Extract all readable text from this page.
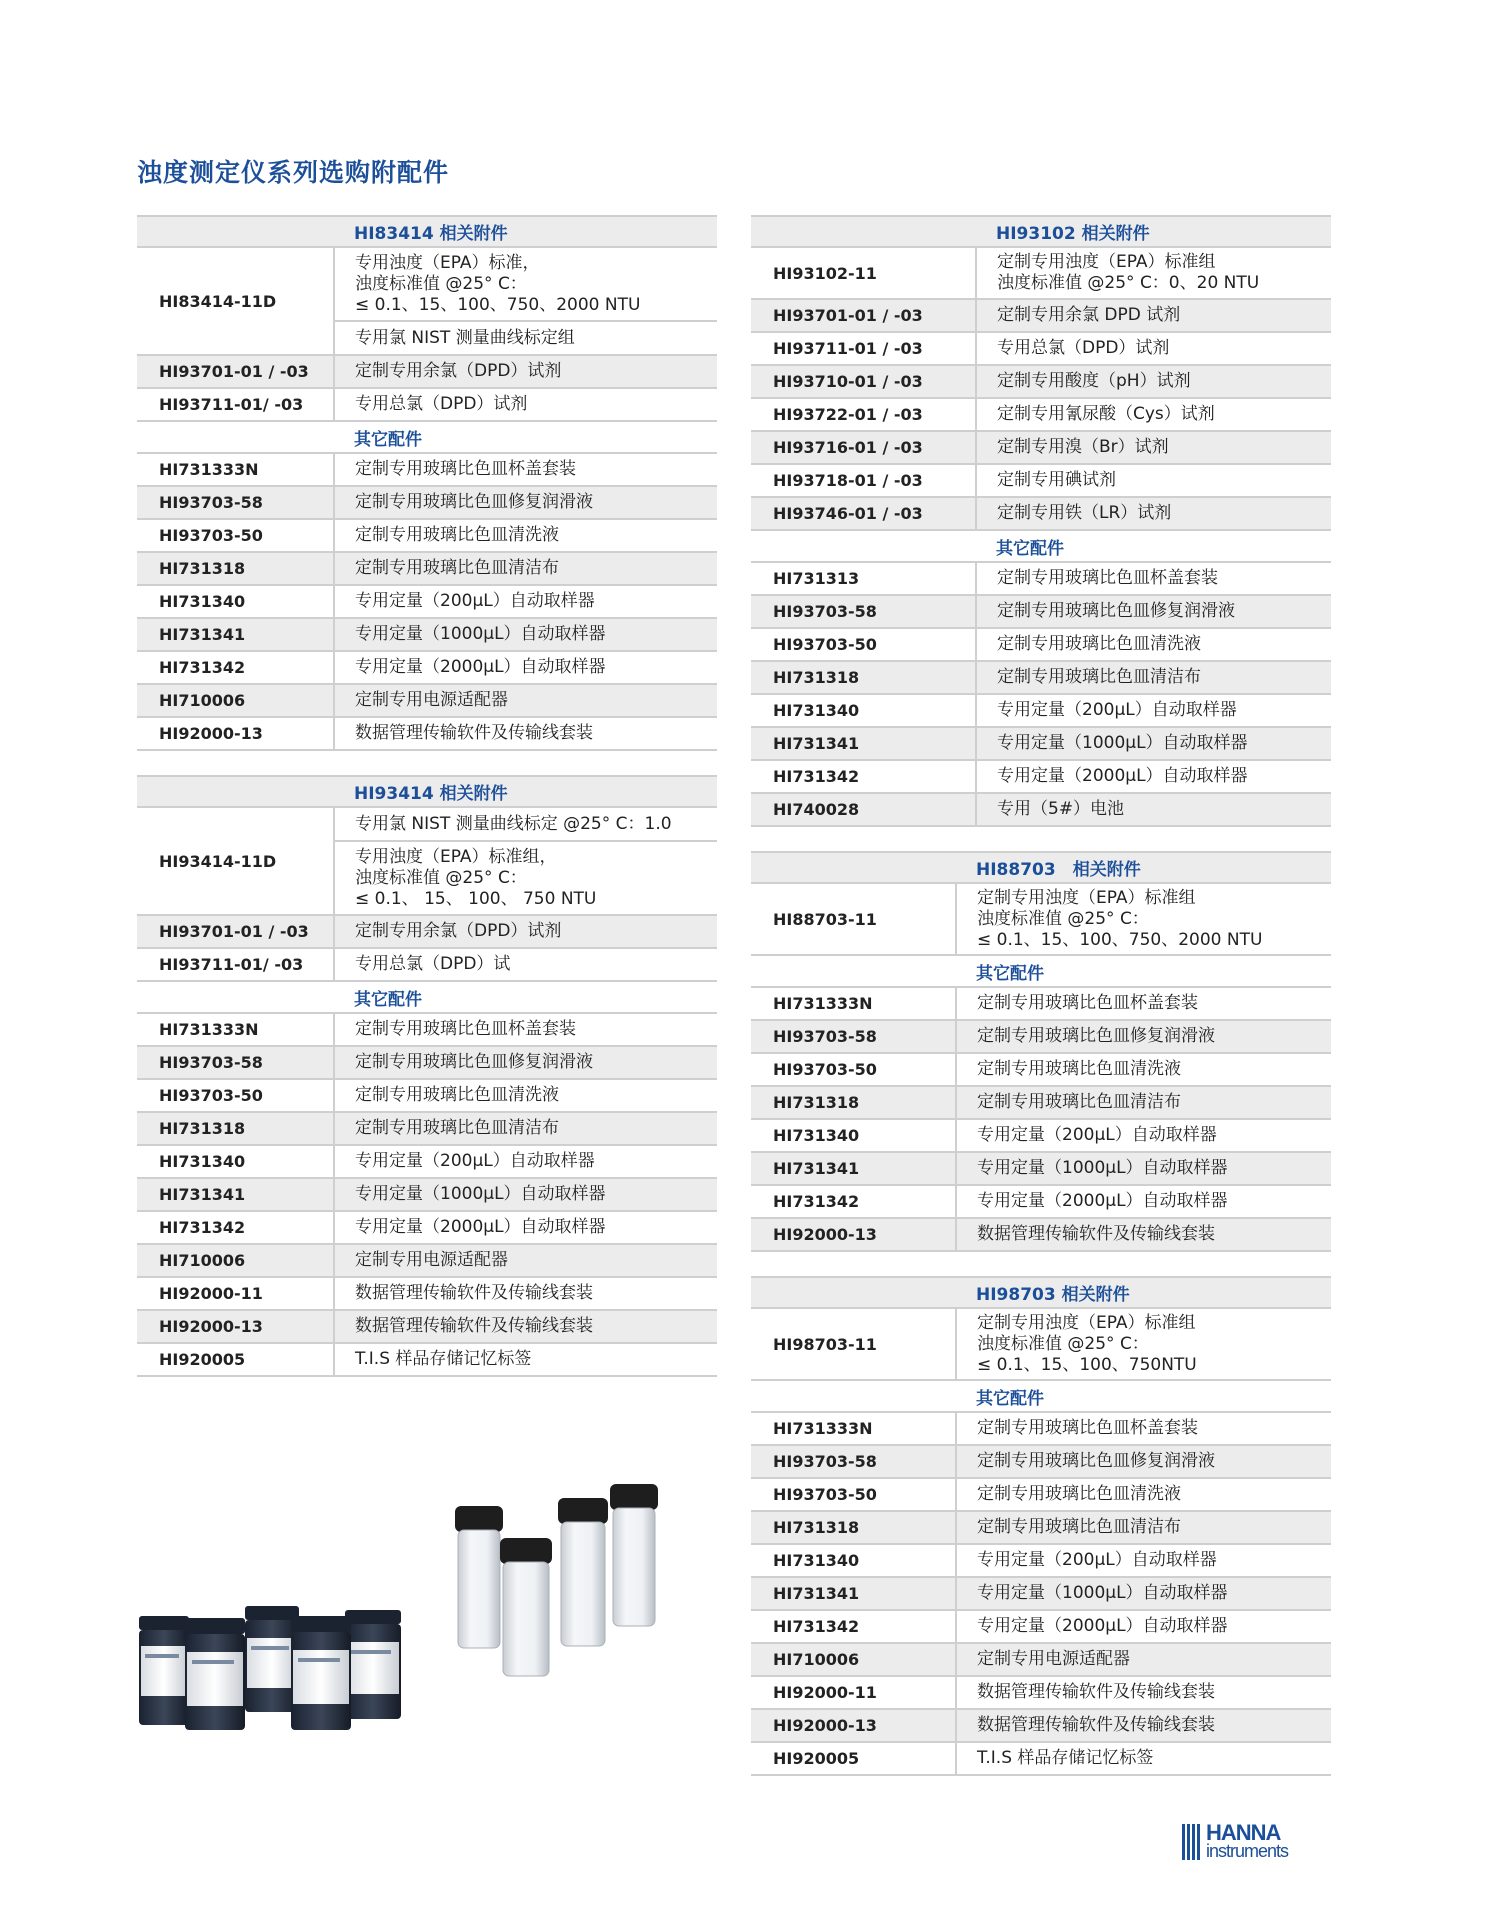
浊度测定仪系列选购附配件
	HI83414 相关附件
HI83414-11D	专用浊度（EPA）标准，
浊度标准值 @25° C：
≤ 0.1、15、100、750、2000 NTU

	专用氯 NIST 测量曲线标定组

HI93701-01 / -03	定制专用余氯（DPD）试剂

HI93711-01/ -03	专用总氯（DPD）试剂

	其它配件
HI731333N	定制专用玻璃比色皿杯盖套装

HI93703-58	定制专用玻璃比色皿修复润滑液

HI93703-50	定制专用玻璃比色皿清洗液

HI731318	定制专用玻璃比色皿清洁布

HI731340	专用定量（200μL）自动取样器

HI731341	专用定量（1000μL）自动取样器

HI731342	专用定量（2000μL）自动取样器

HI710006	定制专用电源适配器

HI92000-13	数据管理传输软件及传输线套装
	HI93414 相关附件
HI93414-11D	专用氯 NIST 测量曲线标定 @25° C：1.0

	专用浊度（EPA）标准组，
浊度标准值 @25° C：
≤ 0.1、 15、 100、 750 NTU

HI93701-01 / -03	定制专用余氯（DPD）试剂

HI93711-01/ -03	专用总氯（DPD）试

	其它配件
HI731333N	定制专用玻璃比色皿杯盖套装

HI93703-58	定制专用玻璃比色皿修复润滑液

HI93703-50	定制专用玻璃比色皿清洗液

HI731318	定制专用玻璃比色皿清洁布

HI731340	专用定量（200μL）自动取样器

HI731341	专用定量（1000μL）自动取样器

HI731342	专用定量（2000μL）自动取样器

HI710006	定制专用电源适配器

HI92000-11	数据管理传输软件及传输线套装

HI92000-13	数据管理传输软件及传输线套装

HI920005	T.I.S 样品存储记忆标签
	HI93102 相关附件
HI93102-11	定制专用浊度（EPA）标准组
浊度标准值 @25° C：0、20 NTU

HI93701-01 / -03	定制专用余氯 DPD 试剂

HI93711-01 / -03	专用总氯（DPD）试剂

HI93710-01 / -03	定制专用酸度（pH）试剂

HI93722-01 / -03	定制专用氰尿酸（Cys）试剂

HI93716-01 / -03	定制专用溴（Br）试剂

HI93718-01 / -03	定制专用碘试剂

HI93746-01 / -03	定制专用铁（LR）试剂

	其它配件
HI731313	定制专用玻璃比色皿杯盖套装

HI93703-58	定制专用玻璃比色皿修复润滑液

HI93703-50	定制专用玻璃比色皿清洗液

HI731318	定制专用玻璃比色皿清洁布

HI731340	专用定量（200μL）自动取样器

HI731341	专用定量（1000μL）自动取样器

HI731342	专用定量（2000μL）自动取样器

HI740028	专用（5#）电池
	HI88703　相关附件
HI88703-11	定制专用浊度（EPA）标准组
浊度标准值 @25° C：
≤ 0.1、15、100、750、2000 NTU

	其它配件
HI731333N	定制专用玻璃比色皿杯盖套装

HI93703-58	定制专用玻璃比色皿修复润滑液

HI93703-50	定制专用玻璃比色皿清洗液

HI731318	定制专用玻璃比色皿清洁布

HI731340	专用定量（200μL）自动取样器

HI731341	专用定量（1000μL）自动取样器

HI731342	专用定量（2000μL）自动取样器

HI92000-13	数据管理传输软件及传输线套装
	HI98703 相关附件
HI98703-11	定制专用浊度（EPA）标准组
浊度标准值 @25° C：
≤ 0.1、15、100、750NTU

	其它配件
HI731333N	定制专用玻璃比色皿杯盖套装

HI93703-58	定制专用玻璃比色皿修复润滑液

HI93703-50	定制专用玻璃比色皿清洗液

HI731318	定制专用玻璃比色皿清洁布

HI731340	专用定量（200μL）自动取样器

HI731341	专用定量（1000μL）自动取样器

HI731342	专用定量（2000μL）自动取样器

HI710006	定制专用电源适配器

HI92000-11	数据管理传输软件及传输线套装

HI92000-13	数据管理传输软件及传输线套装

HI920005	T.I.S 样品存储记忆标签
HANNA
instruments
